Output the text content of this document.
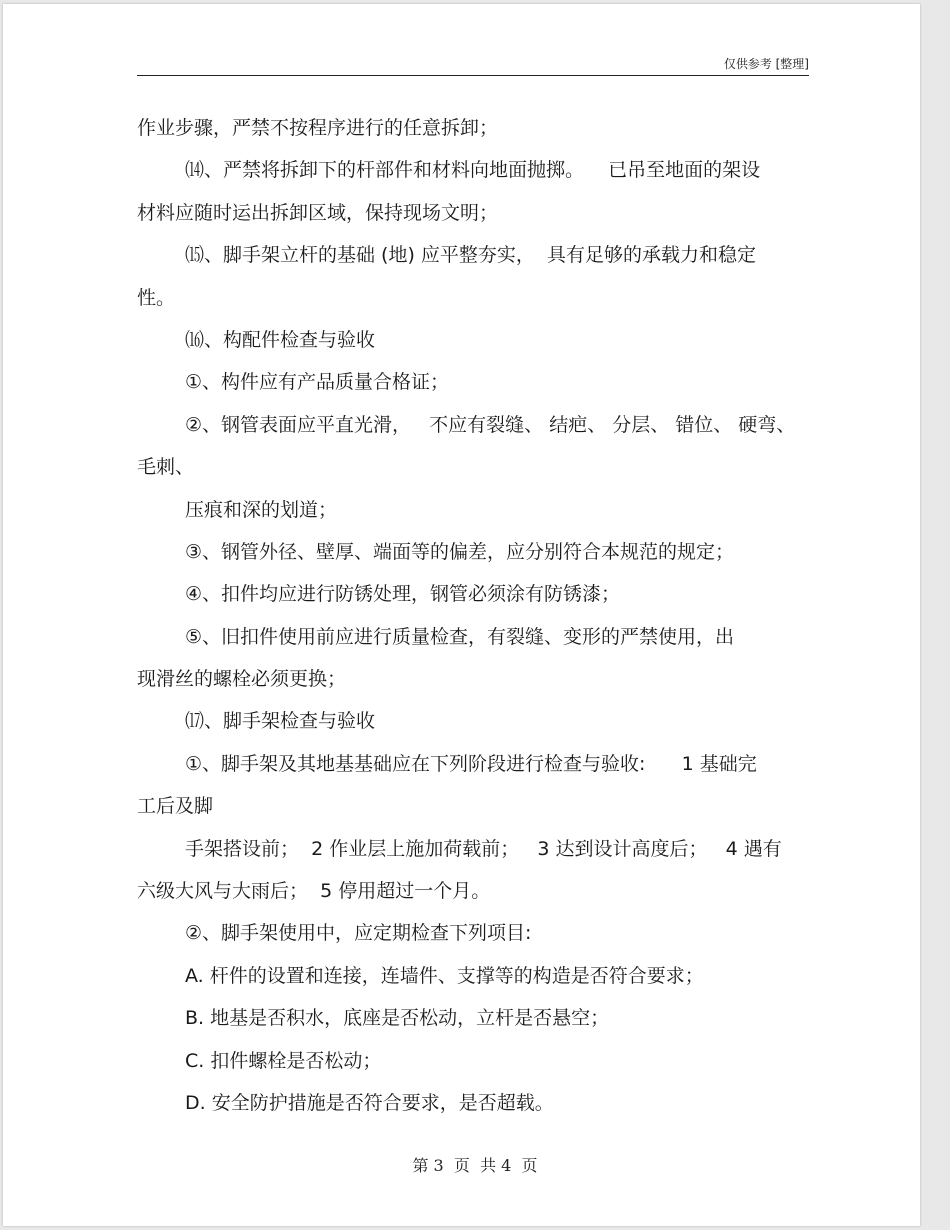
仅供参考 [整理]
作业步骤，严禁不按程序进行的任意拆卸；
⒁、严禁将拆卸下的杆部件和材料向地面抛掷。    已吊至地面的架设
材料应随时运出拆卸区域，保持现场文明；
⒂、脚手架立杆的基础 (地) 应平整夯实，  具有足够的承载力和稳定
性。
⒃、构配件检查与验收
①、构件应有产品质量合格证；
②、钢管表面应平直光滑，   不应有裂缝、 结疤、 分层、 错位、 硬弯、
毛刺、
压痕和深的划道；
③、钢管外径、壁厚、端面等的偏差，应分别符合本规范的规定；
④、扣件均应进行防锈处理，钢管必须涂有防锈漆；
⑤、旧扣件使用前应进行质量检查，有裂缝、变形的严禁使用，出
现滑丝的螺栓必须更换；
⒄、脚手架检查与验收
①、脚手架及其地基基础应在下列阶段进行检查与验收:      1 基础完
工后及脚
手架搭设前；  2 作业层上施加荷载前；   3 达到设计高度后；   4 遇有
六级大风与大雨后；  5 停用超过一个月。
②、脚手架使用中，应定期检查下列项目:
A. 杆件的设置和连接，连墙件、支撑等的构造是否符合要求；
B. 地基是否积水，底座是否松动，立杆是否悬空；
C. 扣件螺栓是否松动；
D. 安全防护措施是否符合要求，是否超载。
第 3  页  共 4  页
